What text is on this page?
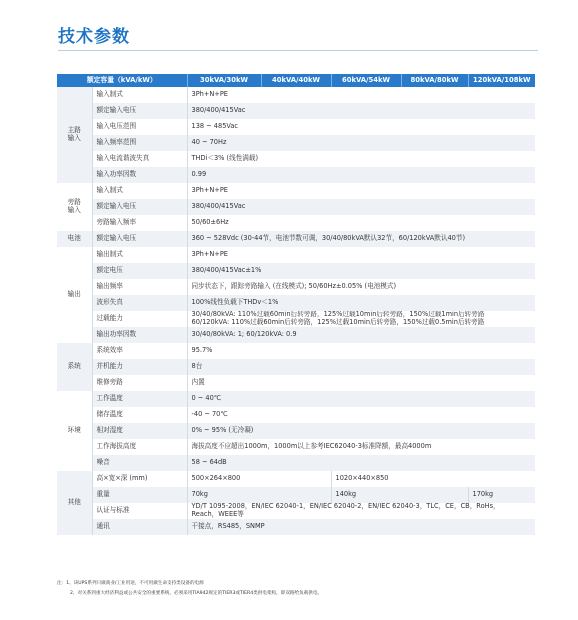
技术参数
额定容量（kVA/kW）		30kVA/30kW	40kVA/40kW	60kVA/54kW	80kVA/80kW	120kVA/108kW
主路
输入	输入制式	3Ph+N+PE				
	额定输入电压	380/400/415Vac				
	输入电压范围	138 ~ 485Vac				
	输入频率范围	40 ~ 70Hz				
	输入电流谐波失真	THDi＜3% (线性满载)				
	输入功率因数	0.99				
旁路
输入	输入制式	3Ph+N+PE				
	额定输入电压	380/400/415Vac				
	旁路输入频率	50/60±6Hz				
电池	额定输入电压	360 ~ 528Vdc (30-44节，电池节数可调，30/40/80kVA默认32节，60/120kVA默认40节)				
输出	输出制式	3Ph+N+PE				
	额定电压	380/400/415Vac±1%				
	输出频率	同步状态下，跟踪旁路输入 (在线模式); 50/60Hz±0.05% (电池模式)				
	波形失真	100%线性负载下THDv＜1%				
	过载能力	30/40/80kVA: 110%过载60min后转旁路，125%过载10min后转旁路，150%过载1min后转旁路
60/120kVA: 110%过载60min后转旁路，125%过载10min后转旁路，150%过载0.5min后转旁路				

	输出功率因数	30/40/80kVA: 1; 60/120kVA: 0.9				
系统	系统效率	95.7%				
	并机能力	8台				
	维修旁路	内置				
环境	工作温度	0 ~ 40℃				
	储存温度	-40 ~ 70℃				
	相对湿度	0% ~ 95% (无冷凝)				
	工作海拔高度	海拔高度不应超出1000m，1000m以上参考IEC62040-3标准降额，最高4000m				
	噪音	58 ~ 64dB				
其他	高×宽×深 (mm)	500×264×800		1020×440×850		
	重量	70kg		140kg		170kg
	认证与标准	YD/T 1095-2008，EN/IEC 62040-1，EN/IEC 62040-2，EN/IEC 62040-3，TLC，CE，CB，RoHs，
Reach，WEEE等				

	通讯	干接点，RS485，SNMP				
注：1、该UPS系列只做商业/工业用途，不可用做生命支持类设备的电源
2、对关系到重大经济利益或公共安全的重要系统，必须采用TIA942规定的TIER3或TIER4类供电架构，即双路给负载供电。
